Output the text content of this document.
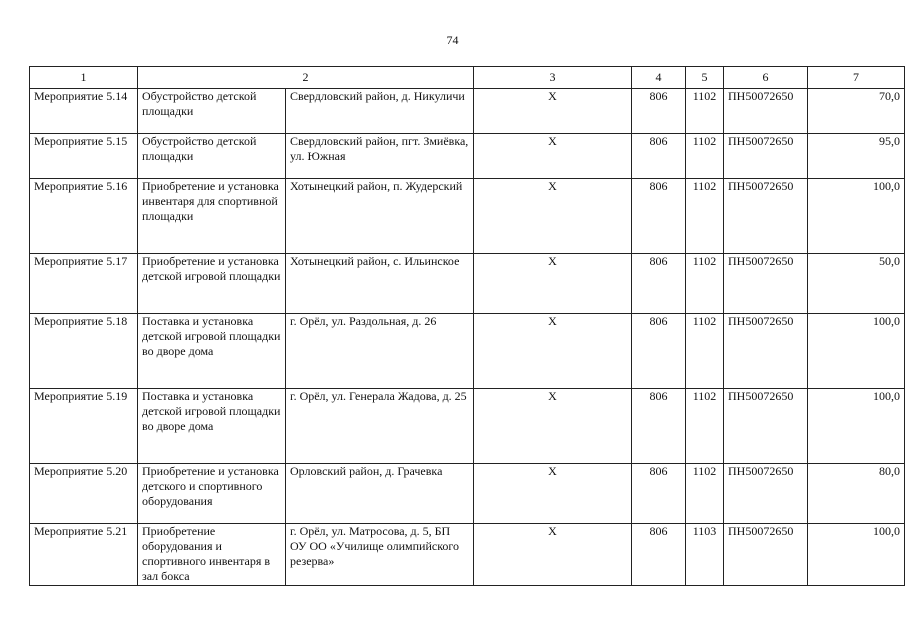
74
1	2		3	4	5	6	7
Мероприятие 5.14	Обустройство детской площадки	Свердловский район, д. Никуличи	X	806	1102	ПН50072650	70,0
Мероприятие 5.15	Обустройство детской площадки	Свердловский район, пгт. Змиёвка, ул. Южная	X	806	1102	ПН50072650	95,0
Мероприятие 5.16	Приобретение и установка инвентаря для спортивной площадки	Хотынецкий район, п. Жудерский	X	806	1102	ПН50072650	100,0
Мероприятие 5.17	Приобретение и установка детской игровой площадки	Хотынецкий район, с. Ильинское	X	806	1102	ПН50072650	50,0
Мероприятие 5.18	Поставка и установка детской игровой площадки во дворе дома	г. Орёл, ул. Раздольная, д. 26	X	806	1102	ПН50072650	100,0
Мероприятие 5.19	Поставка и установка детской игровой площадки во дворе дома	г. Орёл, ул. Генерала Жадова, д. 25	X	806	1102	ПН50072650	100,0
Мероприятие 5.20	Приобретение и установка детского и спортивного оборудования	Орловский район, д. Грачевка	X	806	1102	ПН50072650	80,0
Мероприятие 5.21	Приобретение оборудования и спортивного инвентаря в зал бокса	г. Орёл, ул. Матросова, д. 5, БП ОУ ОО «Училище олимпийского резерва»	X	806	1103	ПН50072650	100,0
